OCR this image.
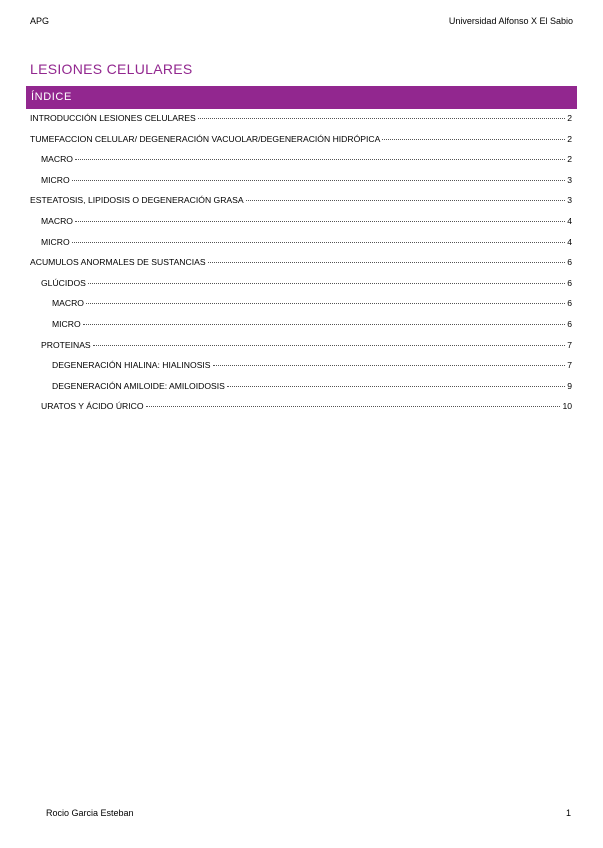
APG	Universidad Alfonso X El Sabio
LESIONES CELULARES
ÍNDICE
INTRODUCCIÓN LESIONES CELULARES	2
TUMEFACCION CELULAR/ DEGENERACIÓN VACUOLAR/DEGENERACIÓN HIDRÓPICA	2
MACRO	2
MICRO	3
ESTEATOSIS, LIPIDOSIS O DEGENERACIÓN GRASA	3
MACRO	4
MICRO	4
ACUMULOS ANORMALES DE SUSTANCIAS	6
GLÚCIDOS	6
MACRO	6
MICRO	6
PROTEINAS	7
DEGENERACIÓN HIALINA: HIALINOSIS	7
DEGENERACIÓN AMILOIDE: AMILOIDOSIS	9
URATOS Y ÁCIDO ÚRICO	10
Rocio Garcia Esteban	1
